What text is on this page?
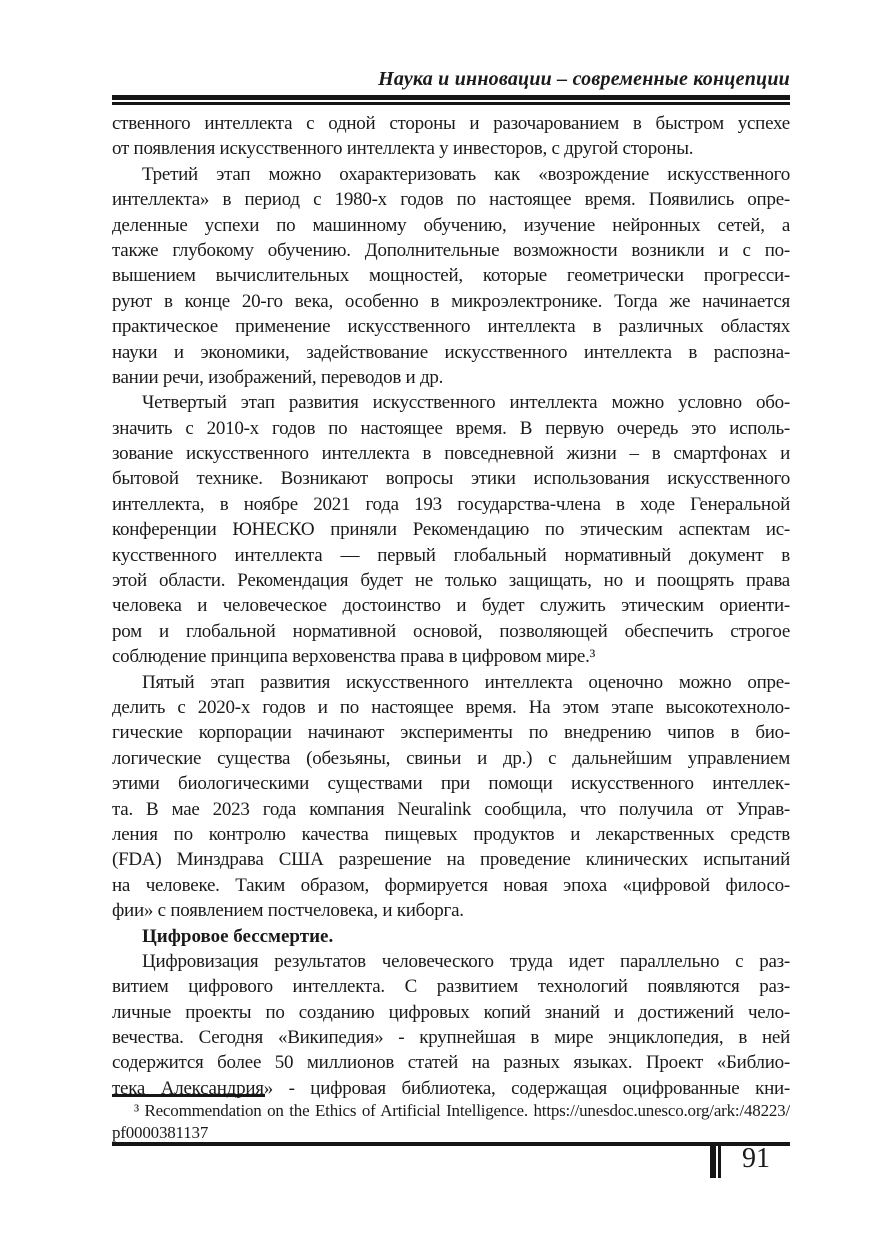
Наука и инновации – современные концепции
ственного интеллекта с одной стороны и разочарованием в быстром успехе
от появления искусственного интеллекта у инвесторов, с другой стороны.
Третий этап можно охарактеризовать как «возрождение искусственного
интеллекта» в период с 1980-х годов по настоящее время. Появились опре-
деленные успехи по машинному обучению, изучение нейронных сетей, а
также глубокому обучению. Дополнительные возможности возникли и с по-
вышением вычислительных мощностей, которые геометрически прогресси-
руют в конце 20-го века, особенно в микроэлектронике. Тогда же начинается
практическое применение искусственного интеллекта в различных областях
науки и экономики, задействование искусственного интеллекта в распозна-
вании речи, изображений, переводов и др.
Четвертый этап развития искусственного интеллекта можно условно обо-
значить с 2010-х годов по настоящее время. В первую очередь это исполь-
зование искусственного интеллекта в повседневной жизни – в смартфонах и
бытовой технике. Возникают вопросы этики использования искусственного
интеллекта, в ноябре 2021 года 193 государства-члена в ходе Генеральной
конференции ЮНЕСКО приняли Рекомендацию по этическим аспектам ис-
кусственного интеллекта — первый глобальный нормативный документ в
этой области. Рекомендация будет не только защищать, но и поощрять права
человека и человеческое достоинство и будет служить этическим ориенти-
ром и глобальной нормативной основой, позволяющей обеспечить строгое
соблюдение принципа верховенства права в цифровом мире.³
Пятый этап развития искусственного интеллекта оценочно можно опре-
делить с 2020-х годов и по настоящее время. На этом этапе высокотехноло-
гические корпорации начинают эксперименты по внедрению чипов в био-
логические существа (обезьяны, свиньи и др.) с дальнейшим управлением
этими биологическими существами при помощи искусственного интеллек-
та. В мае 2023 года компания Neuralink сообщила, что получила от Управ-
ления по контролю качества пищевых продуктов и лекарственных средств
(FDA) Минздрава США разрешение на проведение клинических испытаний
на человеке. Таким образом, формируется новая эпоха «цифровой филосо-
фии» с появлением постчеловека, и киборга.
Цифровое бессмертие.
Цифровизация результатов человеческого труда идет параллельно с раз-
витием цифрового интеллекта. С развитием технологий появляются раз-
личные проекты по созданию цифровых копий знаний и достижений чело-
вечества. Сегодня «Википедия» - крупнейшая в мире энциклопедия, в ней
содержится более 50 миллионов статей на разных языках. Проект «Библио-
тека Александрия» - цифровая библиотека, содержащая оцифрованные кни-
³ Recommendation on the Ethics of Artificial Intelligence. https://unesdoc.unesco.org/ark:/48223/
pf0000381137
91
